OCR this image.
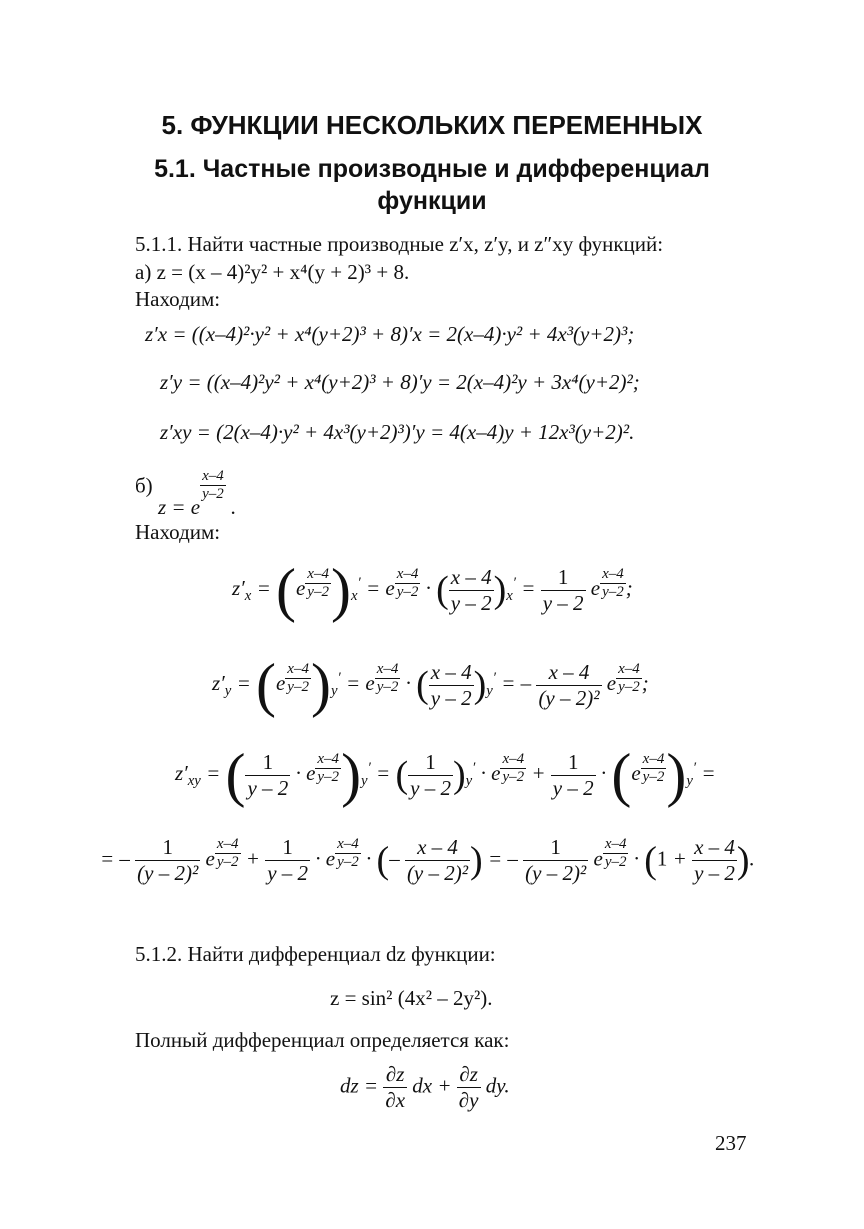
5. ФУНКЦИИ НЕСКОЛЬКИХ ПЕРЕМЕННЫХ
5.1. Частные производные и дифференциал
функции
5.1.1. Найти частные производные z′x, z′y, и z″xy функций:
а) z = (x – 4)²y² + x⁴(y + 2)³ + 8.
Находим:
z′x = ((x–4)²·y² + x⁴(y+2)³ + 8)′x = 2(x–4)·y² + 4x³(y+2)³;
z′y = ((x–4)²y² + x⁴(y+2)³ + 8)′y = 2(x–4)²y + 3x⁴(y+2)²;
z′xy = (2(x–4)·y² + 4x³(y+2)³)′y = 4(x–4)y + 12x³(y+2)².
б) z = e
$\frac{x-4}{y-2}$
.
Находим:
$z'_x = (e$ $^{\frac{x-4}{y-2}}$ )$_x' = e$ $^{\frac{x-4}{y-2}}$ · ( $\frac{x - 4}{y - 2} )_x' = \frac{1}{y - 2}$ e $^{\frac{x-4}{y-2}}$ ;
$z'_y = (e$ $^{\frac{x-4}{y-2}}$ )$_y' = e$ $^{\frac{x-4}{y-2}}$ · ( $\frac{x - 4}{y - 2} )_y'$ = – $\frac{x - 4}{\text{(y – 2)²}}$ e $^{\frac{x-4}{y-2}}$ ;
$z'_{xy}$ = ( $\frac{1}{y - 2} \cdot e$ $^{\frac{x-4}{y-2}}$ )$_y'$ = ( $\frac{1}{y - 2} )_y' \cdot e$ $^{\frac{x-4}{y-2}} + \frac{1}{y - 2} \cdot (e$ $^{\frac{x-4}{y-2}}$ )$_y'$ =
= – $\frac{1}{\text{(y – 2)²}}$ e $^{\frac{x-4}{y-2}} + \frac{1}{y - 2} \cdot e$ $^{\frac{x-4}{y-2}}$ · (– $\frac{x - 4}{\text{(y – 2)²}}$ ) = – $\frac{1}{\text{(y – 2)²}}$ e $^{\frac{x-4}{y-2}} \cdot (1 + \frac{x - 4}{y - 2}$ ).
5.1.2. Найти дифференциал dz функции:
z = sin² (4x² – 2y²).
Полный дифференциал определяется как:
dz = $\frac{\partial z}{\partial x}$ dx + $\frac{\partial z}{\partial y}$ dy.
237
